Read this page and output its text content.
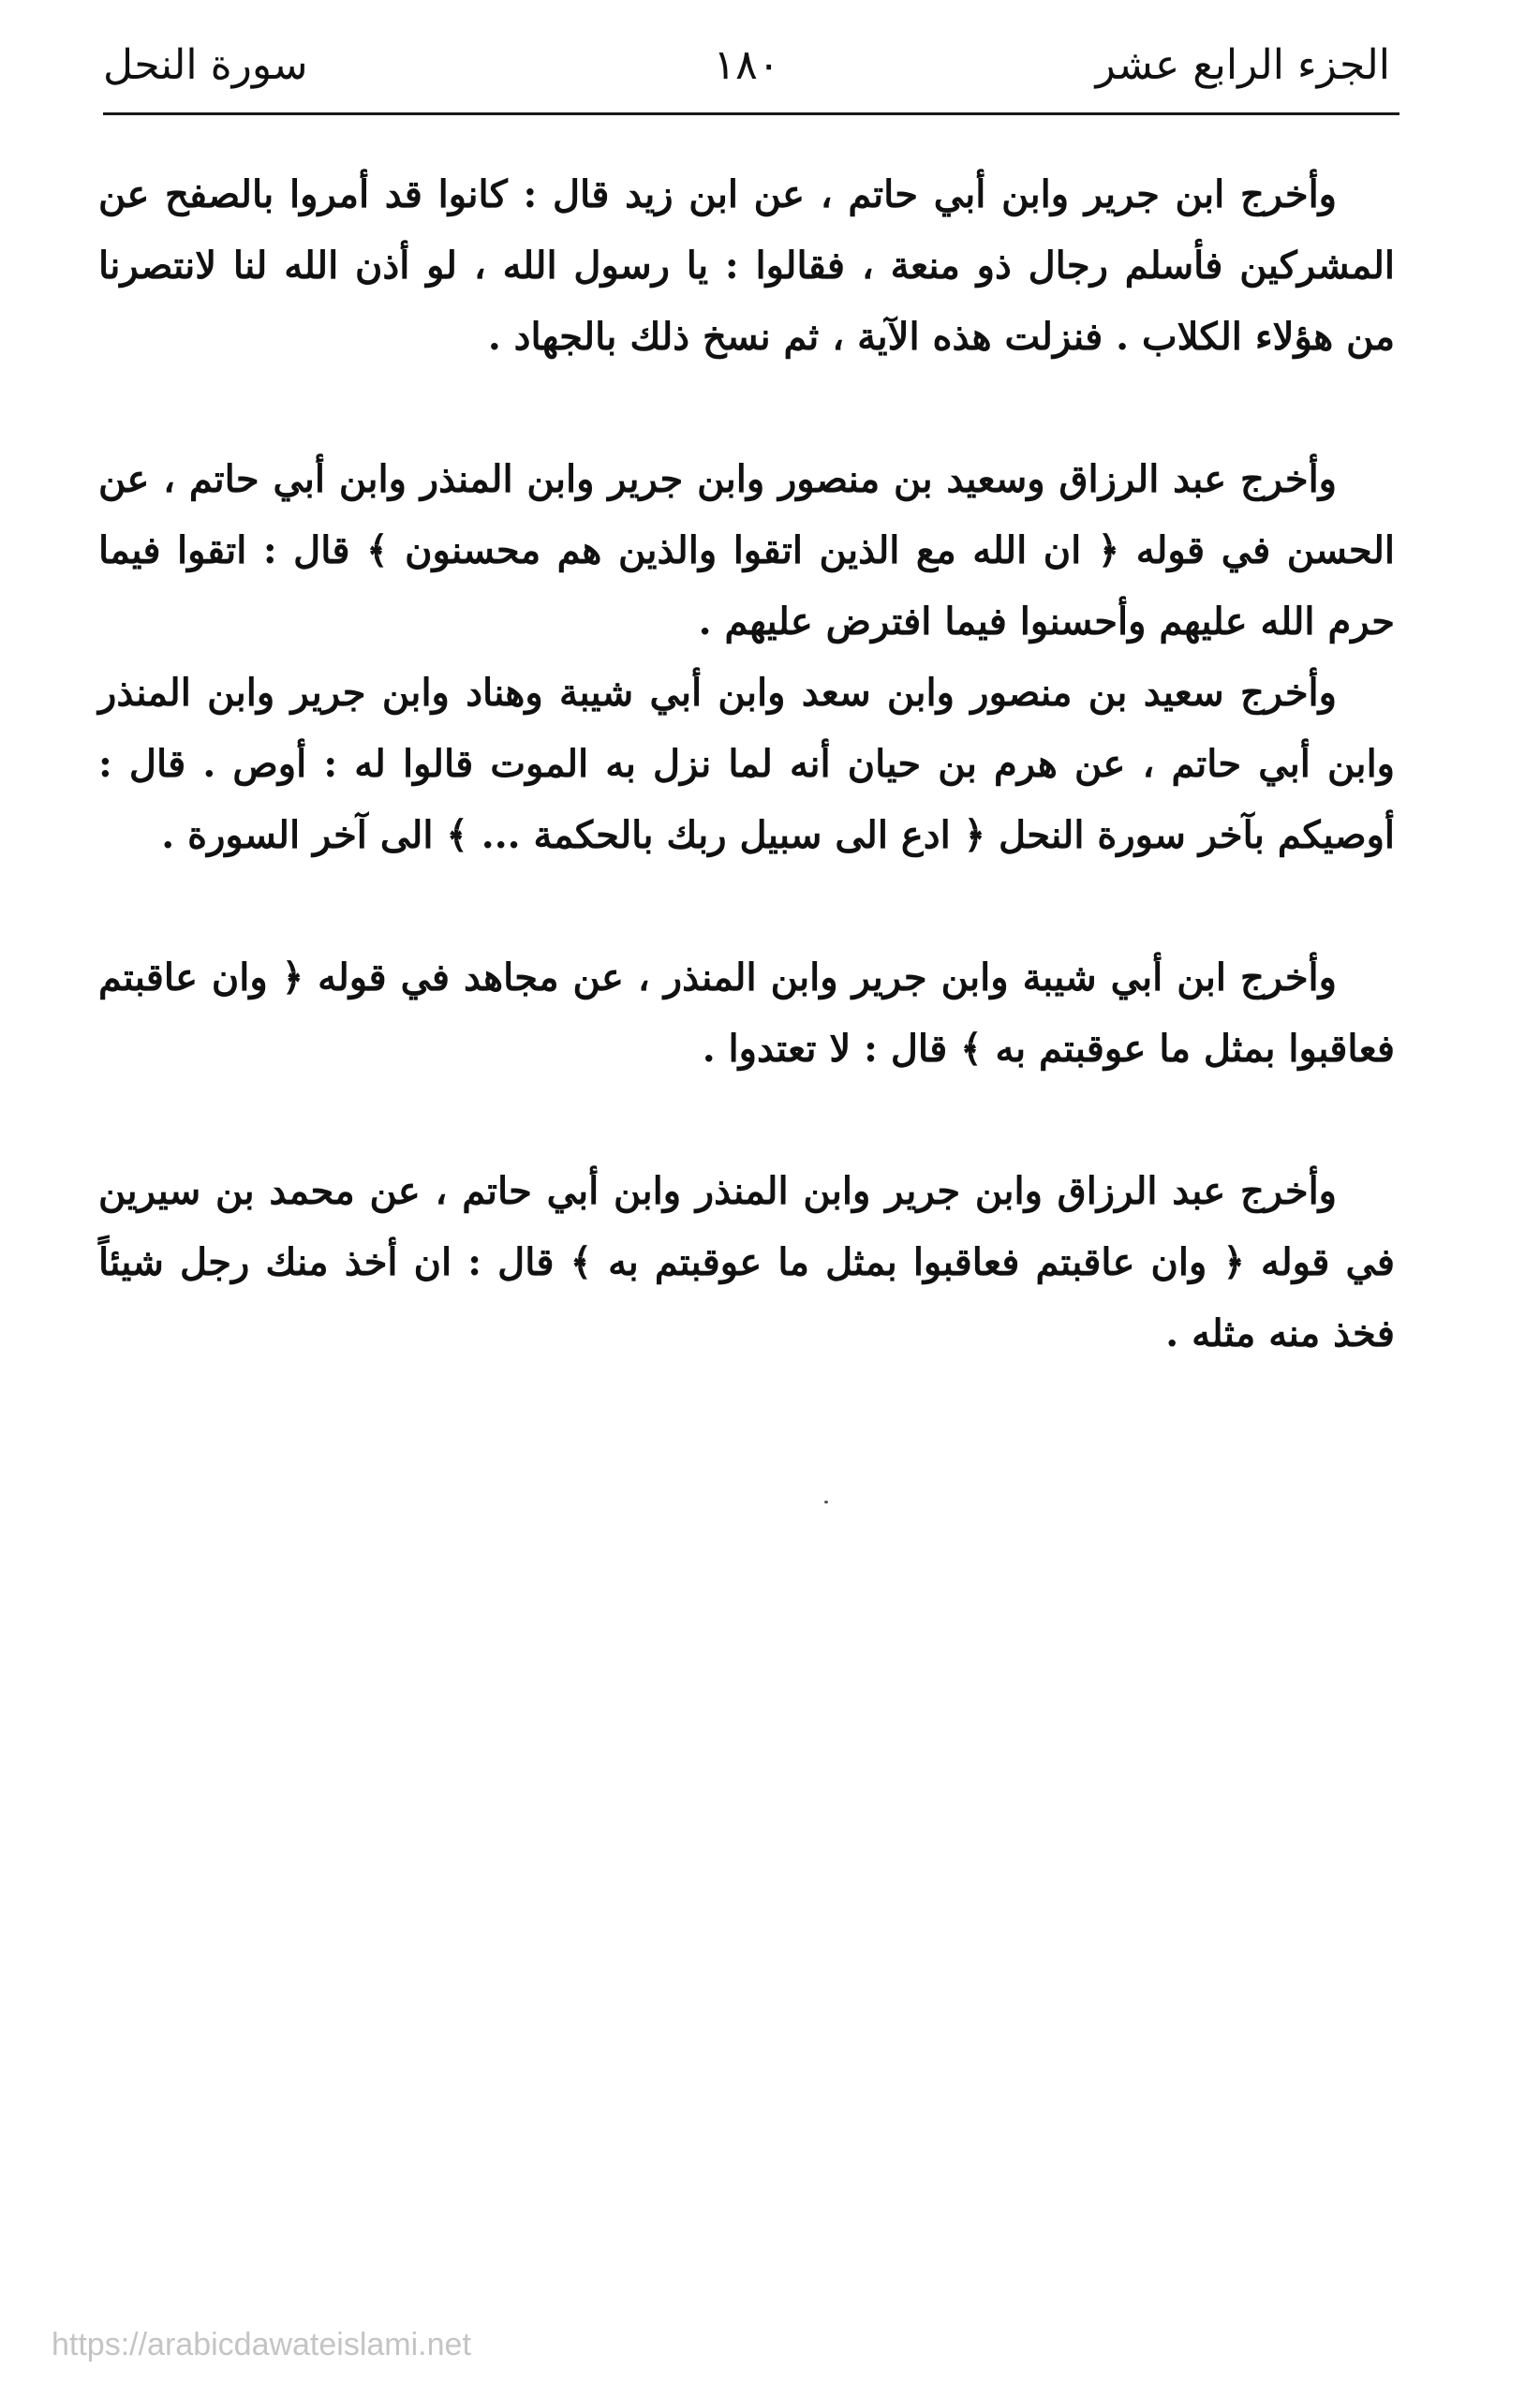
الجزء الرابع عشر
١٨٠
سورة النحل

وأخرج ابن جرير وابن أبي حاتم ، عن ابن زيد قال : كانوا قد أمروا بالصفح عن المشركين فأسلم رجال ذو منعة ، فقالوا : يا رسول الله ، لو أذن الله لنا لانتصرنا من هؤلاء الكلاب . فنزلت هذه الآية ، ثم نسخ ذلك بالجهاد .

وأخرج عبد الرزاق وسعيد بن منصور وابن جرير وابن المنذر وابن أبي حاتم ، عن الحسن في قوله ﴿ ان الله مع الذين اتقوا والذين هم محسنون ﴾ قال : اتقوا فيما حرم الله عليهم وأحسنوا فيما افترض عليهم .

وأخرج سعيد بن منصور وابن سعد وابن أبي شيبة وهناد وابن جرير وابن المنذر وابن أبي حاتم ، عن هرم بن حيان أنه لما نزل به الموت قالوا له : أوص . قال : أوصيكم بآخر سورة النحل ﴿ ادع الى سبيل ربك بالحكمة ... ﴾ الى آخر السورة .

وأخرج ابن أبي شيبة وابن جرير وابن المنذر ، عن مجاهد في قوله ﴿ وان عاقبتم فعاقبوا بمثل ما عوقبتم به ﴾ قال : لا تعتدوا .

وأخرج عبد الرزاق وابن جرير وابن المنذر وابن أبي حاتم ، عن محمد بن سيرين في قوله ﴿ وان عاقبتم فعاقبوا بمثل ما عوقبتم به ﴾ قال : ان أخذ منك رجل شيئاً فخذ منه مثله .

https://arabicdawateislami.net
